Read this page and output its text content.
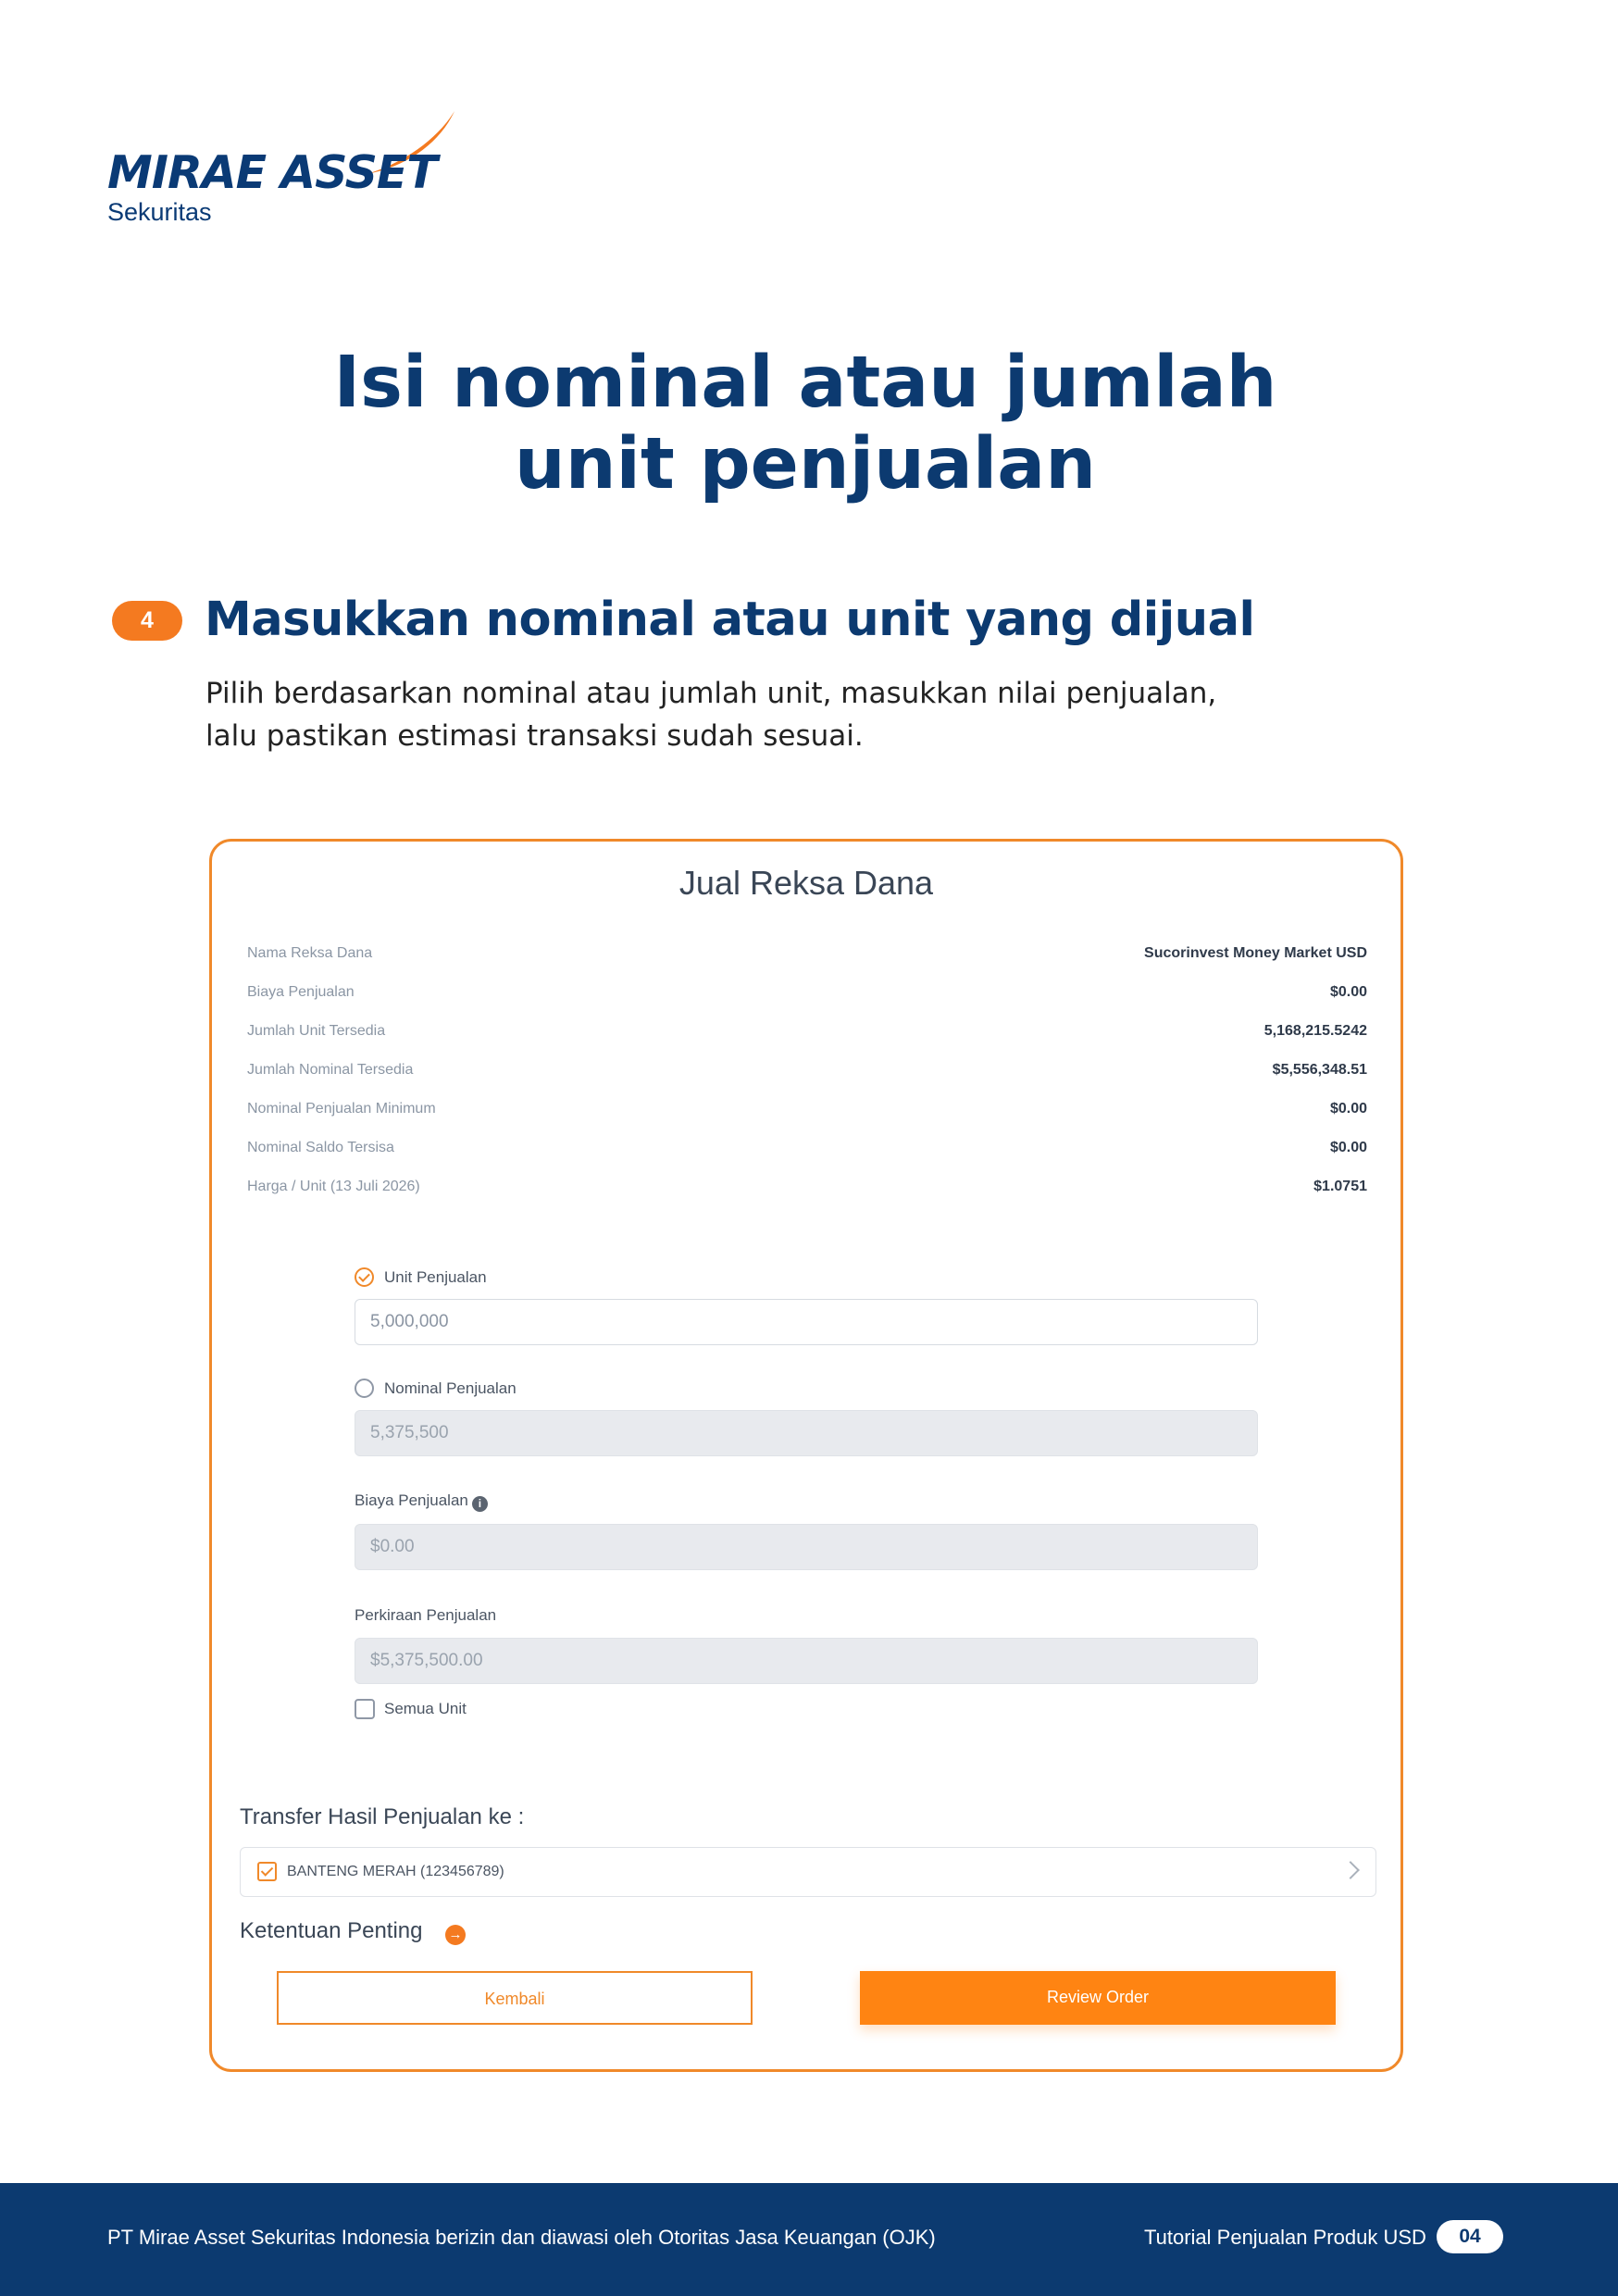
MIRAE ASSET
Sekuritas
Isi nominal atau jumlah
unit penjualan
4	Masukkan nominal atau unit yang dijual
Pilih berdasarkan nominal atau jumlah unit, masukkan nilai penjualan,
lalu pastikan estimasi transaksi sudah sesuai.
Jual Reksa Dana
Nama Reksa Dana	Sucorinvest Money Market USD
Biaya Penjualan	$0.00
Jumlah Unit Tersedia	5,168,215.5242
Jumlah Nominal Tersedia	$5,556,348.51
Nominal Penjualan Minimum	$0.00
Nominal Saldo Tersisa	$0.00
Harga / Unit (13 Juli 2026)	$1.0751
Unit Penjualan
5,000,000
Nominal Penjualan
5,375,500
Biaya Penjualan i
$0.00
Perkiraan Penjualan
$5,375,500.00
Semua Unit
Transfer Hasil Penjualan ke :
BANTENG MERAH (123456789)
Ketentuan Penting →
Kembali	Review Order
PT Mirae Asset Sekuritas Indonesia berizin dan diawasi oleh Otoritas Jasa Keuangan (OJK)	Tutorial Penjualan Produk USD	04
